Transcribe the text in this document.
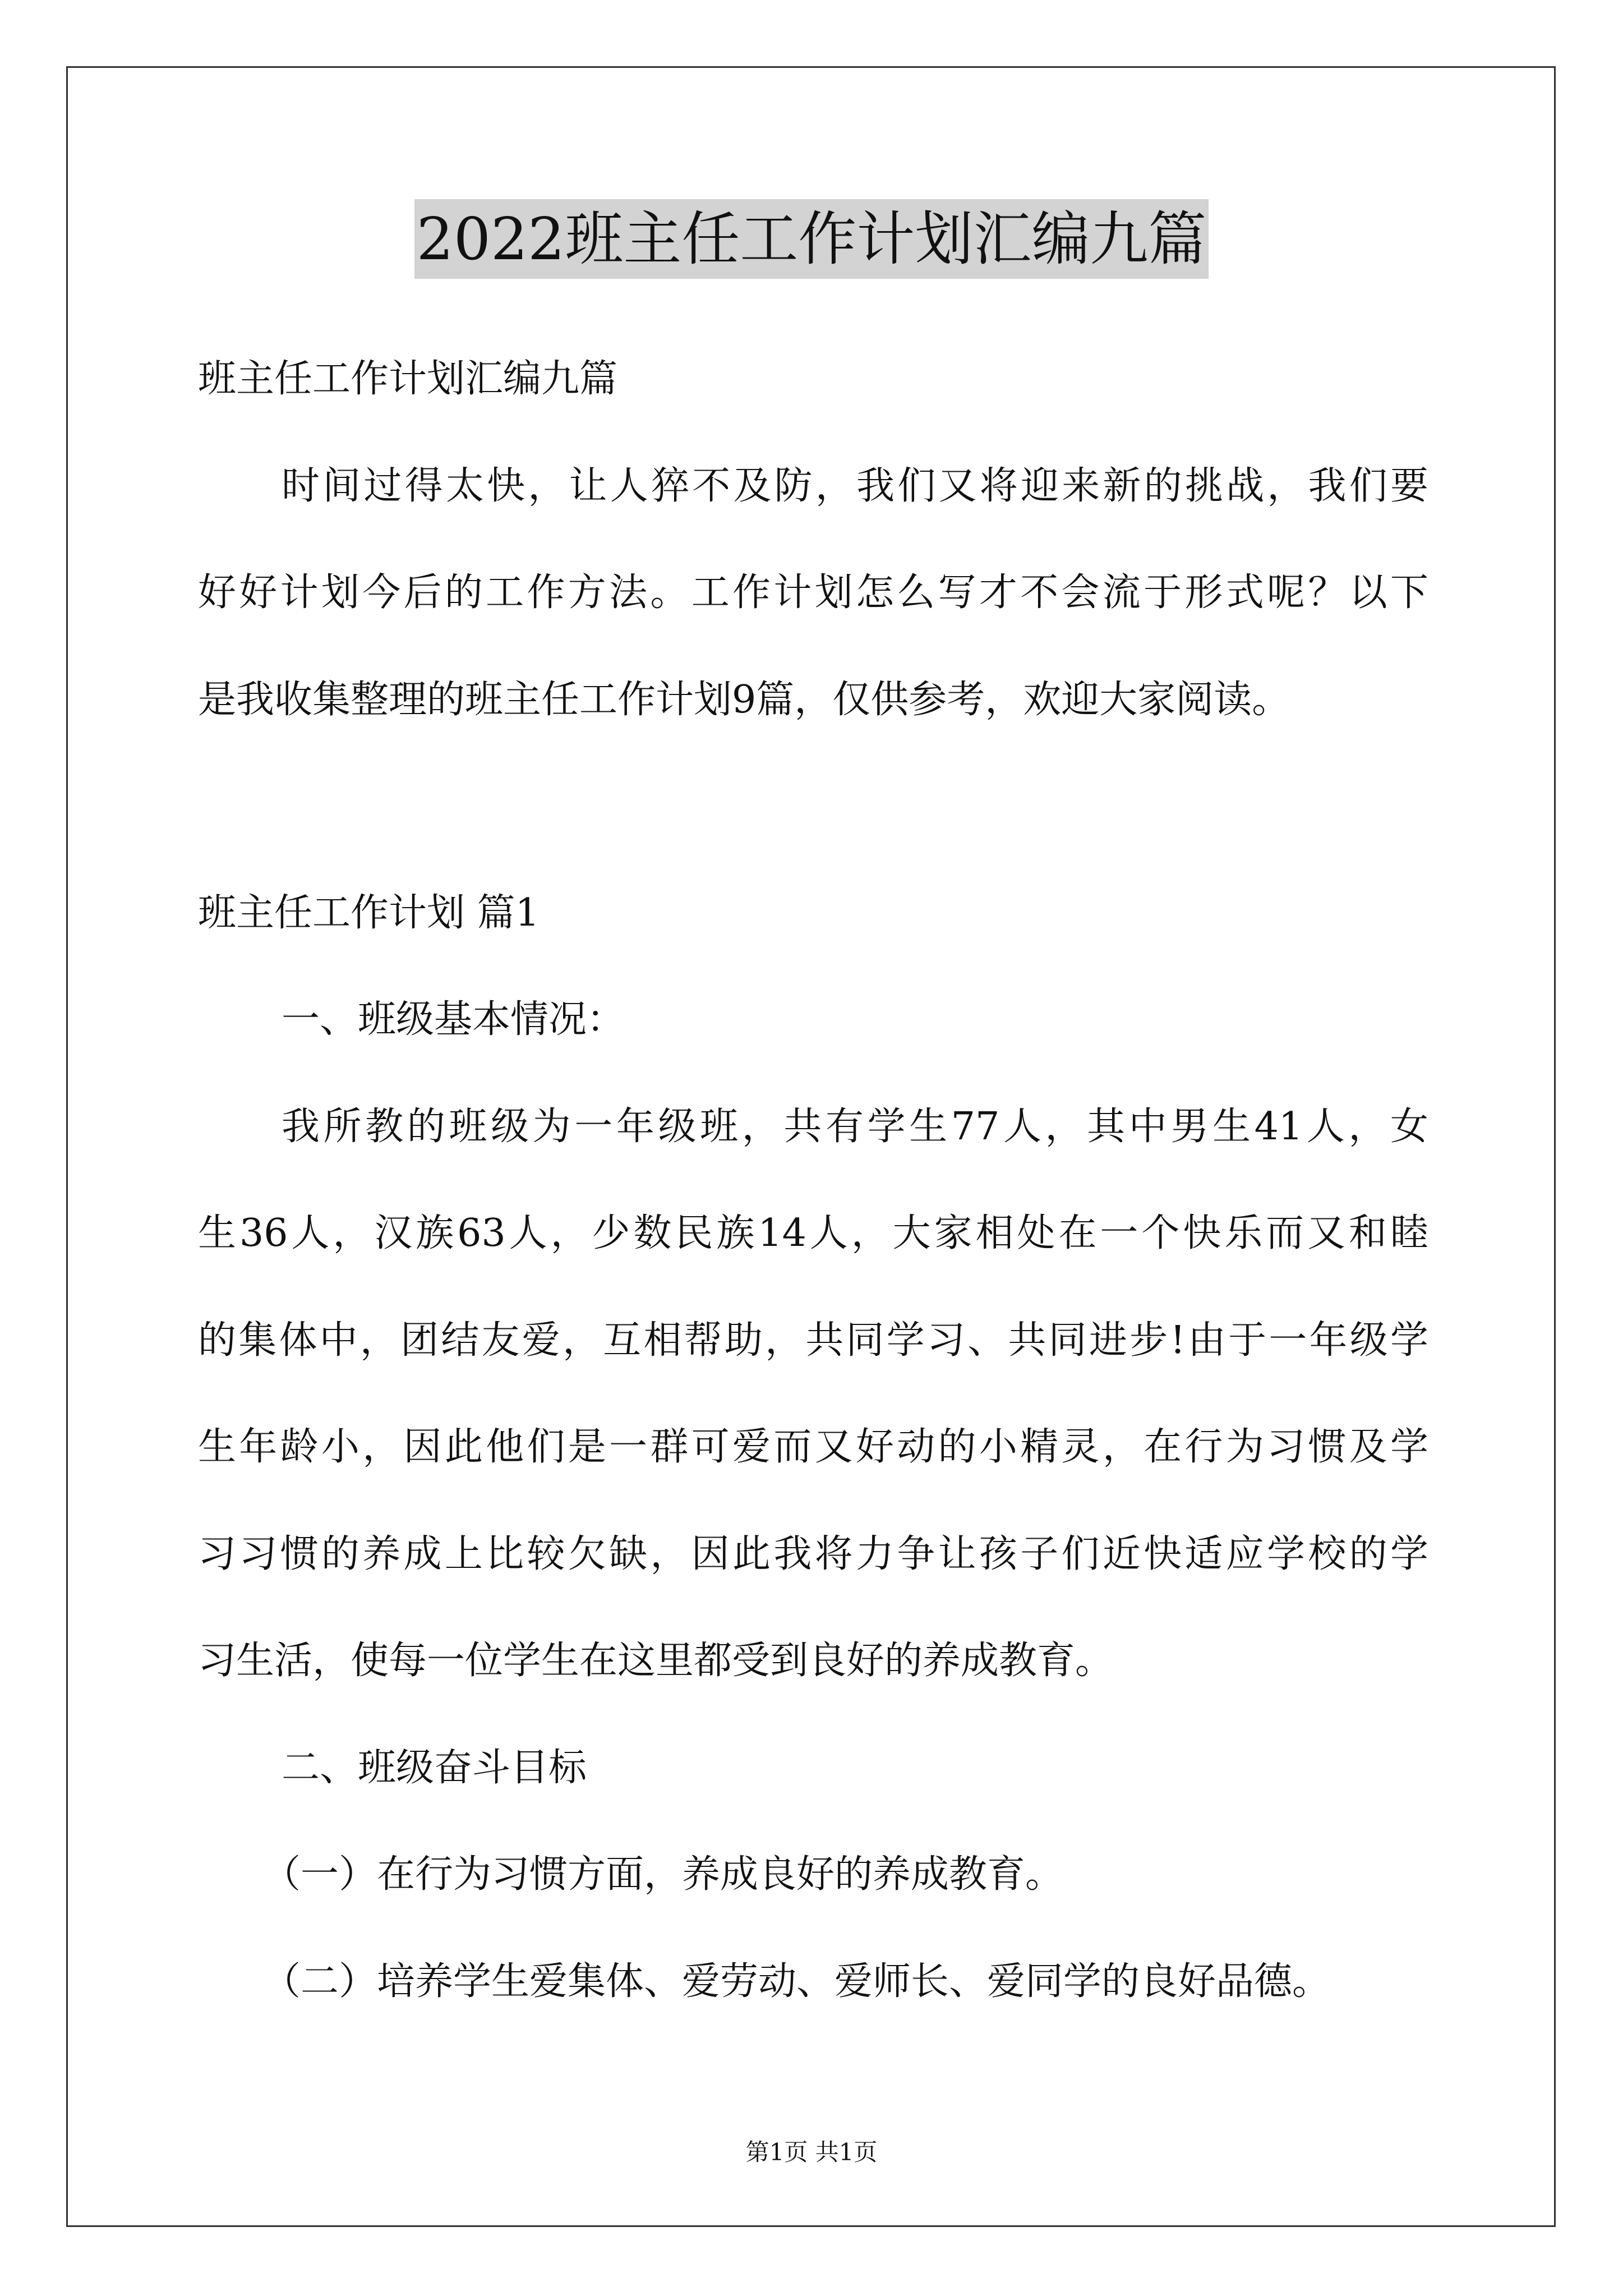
2022班主任工作计划汇编九篇
班主任工作计划汇编九篇
时间过得太快，让人猝不及防，我们又将迎来新的挑战，我们要
好好计划今后的工作方法。工作计划怎么写才不会流于形式呢？以下
是我收集整理的班主任工作计划9篇，仅供参考，欢迎大家阅读。
班主任工作计划 篇1
一、班级基本情况：
我所教的班级为一年级班，共有学生77人，其中男生41人，女
生36人，汉族63人，少数民族14人，大家相处在一个快乐而又和睦
的集体中，团结友爱，互相帮助，共同学习、共同进步!由于一年级学
生年龄小，因此他们是一群可爱而又好动的小精灵，在行为习惯及学
习习惯的养成上比较欠缺，因此我将力争让孩子们近快适应学校的学
习生活，使每一位学生在这里都受到良好的养成教育。
二、班级奋斗目标
（一）在行为习惯方面，养成良好的养成教育。
（二）培养学生爱集体、爱劳动、爱师长、爱同学的良好品德。
第1页 共1页
